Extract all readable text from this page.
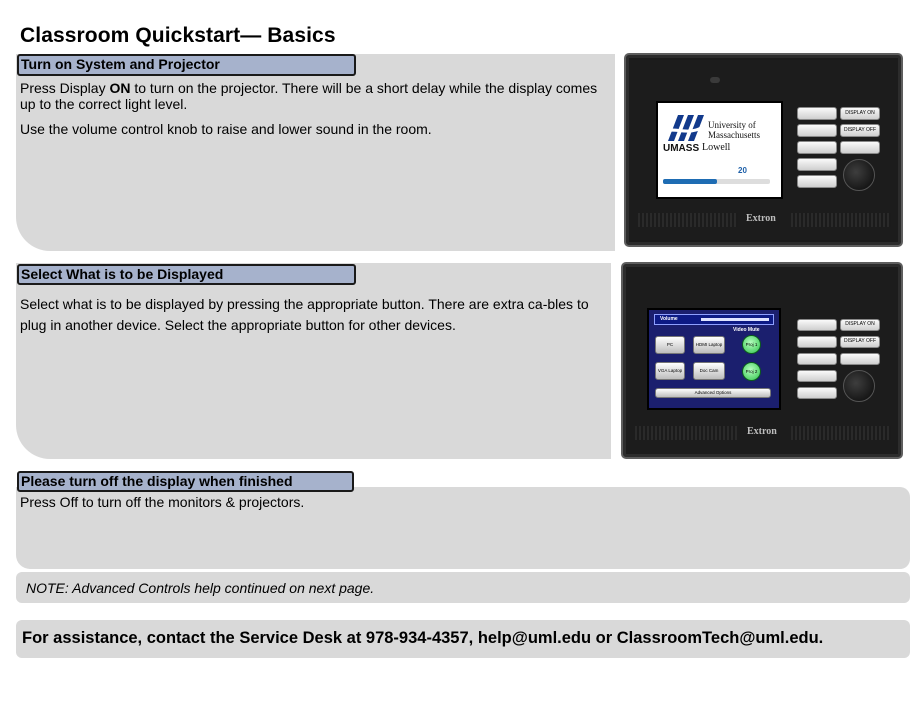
Classroom Quickstart— Basics
Turn on System and Projector
Press Display ON to turn on the projector. There will be a short delay while the display comes up to the correct light level.
Use the volume control knob to raise and lower sound in the room.	University of
Massachusetts
UMASS Lowell
20
DISPLAY ON
DISPLAY OFF
Extron
Select What is to be Displayed
Select what is to be displayed by pressing the appropriate button. There are extra ca-bles to plug in another device. Select the appropriate button for other devices.	Volume
Video Mute
PC	HDMI Laptop
VGA Laptop	Doc Cam
Proj 1
Proj 2
Advanced Options
DISPLAY ON
DISPLAY OFF
Extron
Please turn off the display when finished
Press Off to turn off the monitors & projectors.
NOTE: Advanced Controls help continued on next page.
For assistance, contact the Service Desk at 978-934-4357, help@uml.edu or ClassroomTech@uml.edu.
